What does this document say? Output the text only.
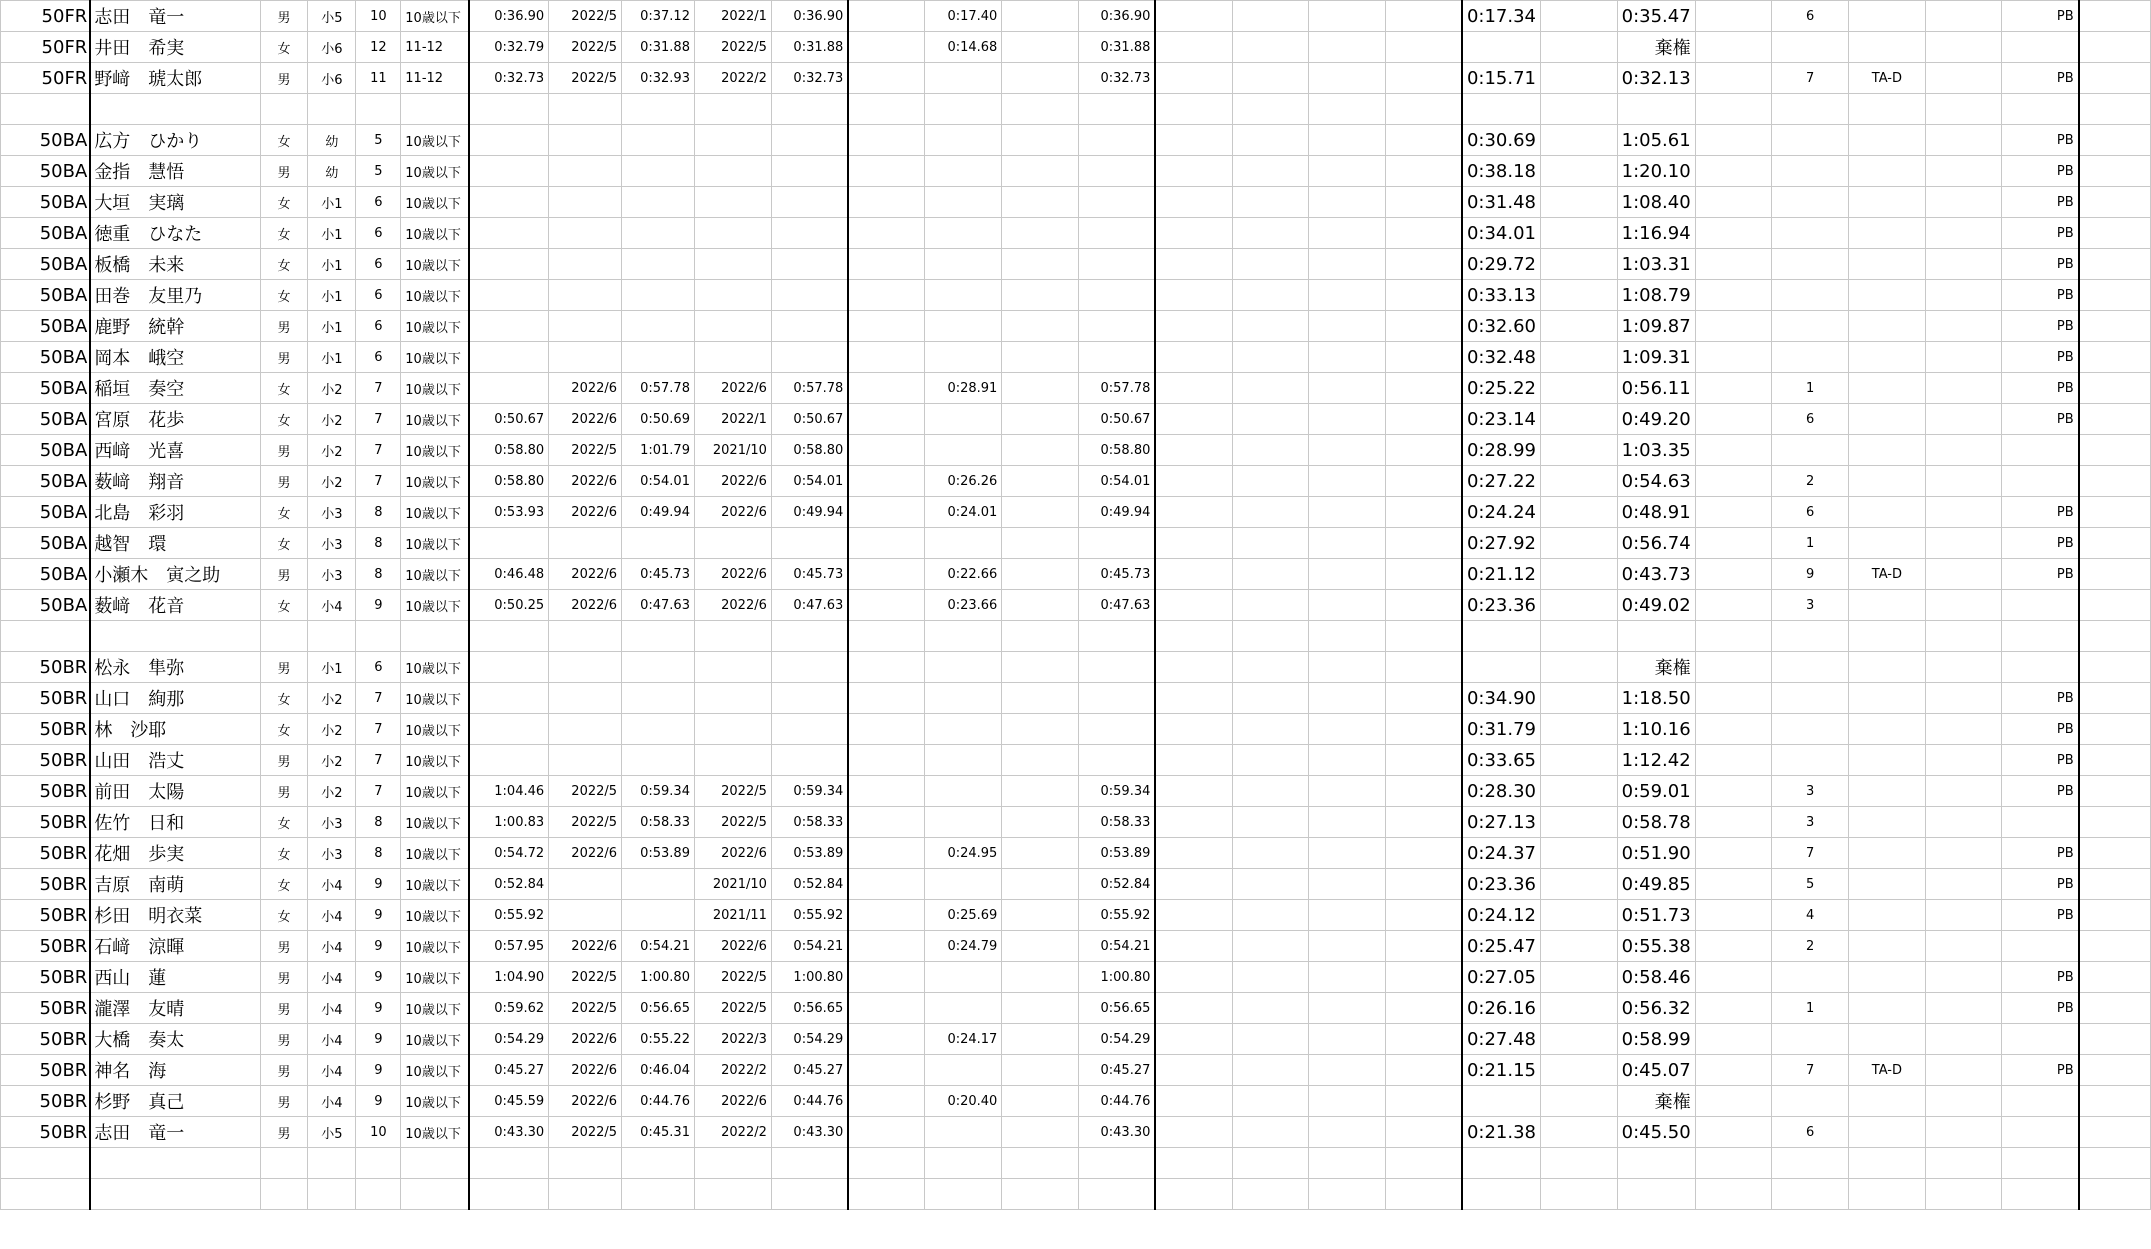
50FR	志田　竜一	男	小5	10	10歳以下	0:36.90	2022/5	0:37.12	2022/1	0:36.90		0:17.40		0:36.90					0:17.34		0:35.47		6			PB	
50FR	井田　希実	女	小6	12	11-12	0:32.79	2022/5	0:31.88	2022/5	0:31.88		0:14.68		0:31.88							棄権						
50FR	野﨑　琥太郎	男	小6	11	11-12	0:32.73	2022/5	0:32.93	2022/2	0:32.73				0:32.73					0:15.71		0:32.13		7	TA-D		PB	

50BA	広方　ひかり	女	幼	5	10歳以下														0:30.69		1:05.61					PB	
50BA	金指　慧悟	男	幼	5	10歳以下														0:38.18		1:20.10					PB	
50BA	大垣　実璃	女	小1	6	10歳以下														0:31.48		1:08.40					PB	
50BA	徳重　ひなた	女	小1	6	10歳以下														0:34.01		1:16.94					PB	
50BA	板橋　未来	女	小1	6	10歳以下														0:29.72		1:03.31					PB	
50BA	田巻　友里乃	女	小1	6	10歳以下														0:33.13		1:08.79					PB	
50BA	鹿野　統幹	男	小1	6	10歳以下														0:32.60		1:09.87					PB	
50BA	岡本　峨空	男	小1	6	10歳以下														0:32.48		1:09.31					PB	
50BA	稲垣　奏空	女	小2	7	10歳以下		2022/6	0:57.78	2022/6	0:57.78		0:28.91		0:57.78					0:25.22		0:56.11		1			PB	
50BA	宮原　花歩	女	小2	7	10歳以下	0:50.67	2022/6	0:50.69	2022/1	0:50.67				0:50.67					0:23.14		0:49.20		6			PB	
50BA	西﨑　光喜	男	小2	7	10歳以下	0:58.80	2022/5	1:01.79	2021/10	0:58.80				0:58.80					0:28.99		1:03.35						
50BA	薮﨑　翔音	男	小2	7	10歳以下	0:58.80	2022/6	0:54.01	2022/6	0:54.01		0:26.26		0:54.01					0:27.22		0:54.63		2				
50BA	北島　彩羽	女	小3	8	10歳以下	0:53.93	2022/6	0:49.94	2022/6	0:49.94		0:24.01		0:49.94					0:24.24		0:48.91		6			PB	
50BA	越智　環	女	小3	8	10歳以下														0:27.92		0:56.74		1			PB	
50BA	小瀬木　寅之助	男	小3	8	10歳以下	0:46.48	2022/6	0:45.73	2022/6	0:45.73		0:22.66		0:45.73					0:21.12		0:43.73		9	TA-D		PB	
50BA	薮﨑　花音	女	小4	9	10歳以下	0:50.25	2022/6	0:47.63	2022/6	0:47.63		0:23.66		0:47.63					0:23.36		0:49.02		3				

50BR	松永　隼弥	男	小1	6	10歳以下																棄権						
50BR	山口　絢那	女	小2	7	10歳以下														0:34.90		1:18.50					PB	
50BR	林　沙耶	女	小2	7	10歳以下														0:31.79		1:10.16					PB	
50BR	山田　浩丈	男	小2	7	10歳以下														0:33.65		1:12.42					PB	
50BR	前田　太陽	男	小2	7	10歳以下	1:04.46	2022/5	0:59.34	2022/5	0:59.34				0:59.34					0:28.30		0:59.01		3			PB	
50BR	佐竹　日和	女	小3	8	10歳以下	1:00.83	2022/5	0:58.33	2022/5	0:58.33				0:58.33					0:27.13		0:58.78		3				
50BR	花畑　歩実	女	小3	8	10歳以下	0:54.72	2022/6	0:53.89	2022/6	0:53.89		0:24.95		0:53.89					0:24.37		0:51.90		7			PB	
50BR	吉原　南萌	女	小4	9	10歳以下	0:52.84			2021/10	0:52.84				0:52.84					0:23.36		0:49.85		5			PB	
50BR	杉田　明衣菜	女	小4	9	10歳以下	0:55.92			2021/11	0:55.92		0:25.69		0:55.92					0:24.12		0:51.73		4			PB	
50BR	石﨑　涼暉	男	小4	9	10歳以下	0:57.95	2022/6	0:54.21	2022/6	0:54.21		0:24.79		0:54.21					0:25.47		0:55.38		2				
50BR	西山　蓮	男	小4	9	10歳以下	1:04.90	2022/5	1:00.80	2022/5	1:00.80				1:00.80					0:27.05		0:58.46					PB	
50BR	瀧澤　友晴	男	小4	9	10歳以下	0:59.62	2022/5	0:56.65	2022/5	0:56.65				0:56.65					0:26.16		0:56.32		1			PB	
50BR	大橋　奏太	男	小4	9	10歳以下	0:54.29	2022/6	0:55.22	2022/3	0:54.29		0:24.17		0:54.29					0:27.48		0:58.99						
50BR	神名　海	男	小4	9	10歳以下	0:45.27	2022/6	0:46.04	2022/2	0:45.27				0:45.27					0:21.15		0:45.07		7	TA-D		PB	
50BR	杉野　真己	男	小4	9	10歳以下	0:45.59	2022/6	0:44.76	2022/6	0:44.76		0:20.40		0:44.76							棄権						
50BR	志田　竜一	男	小5	10	10歳以下	0:43.30	2022/5	0:45.31	2022/2	0:43.30				0:43.30					0:21.38		0:45.50		6				
